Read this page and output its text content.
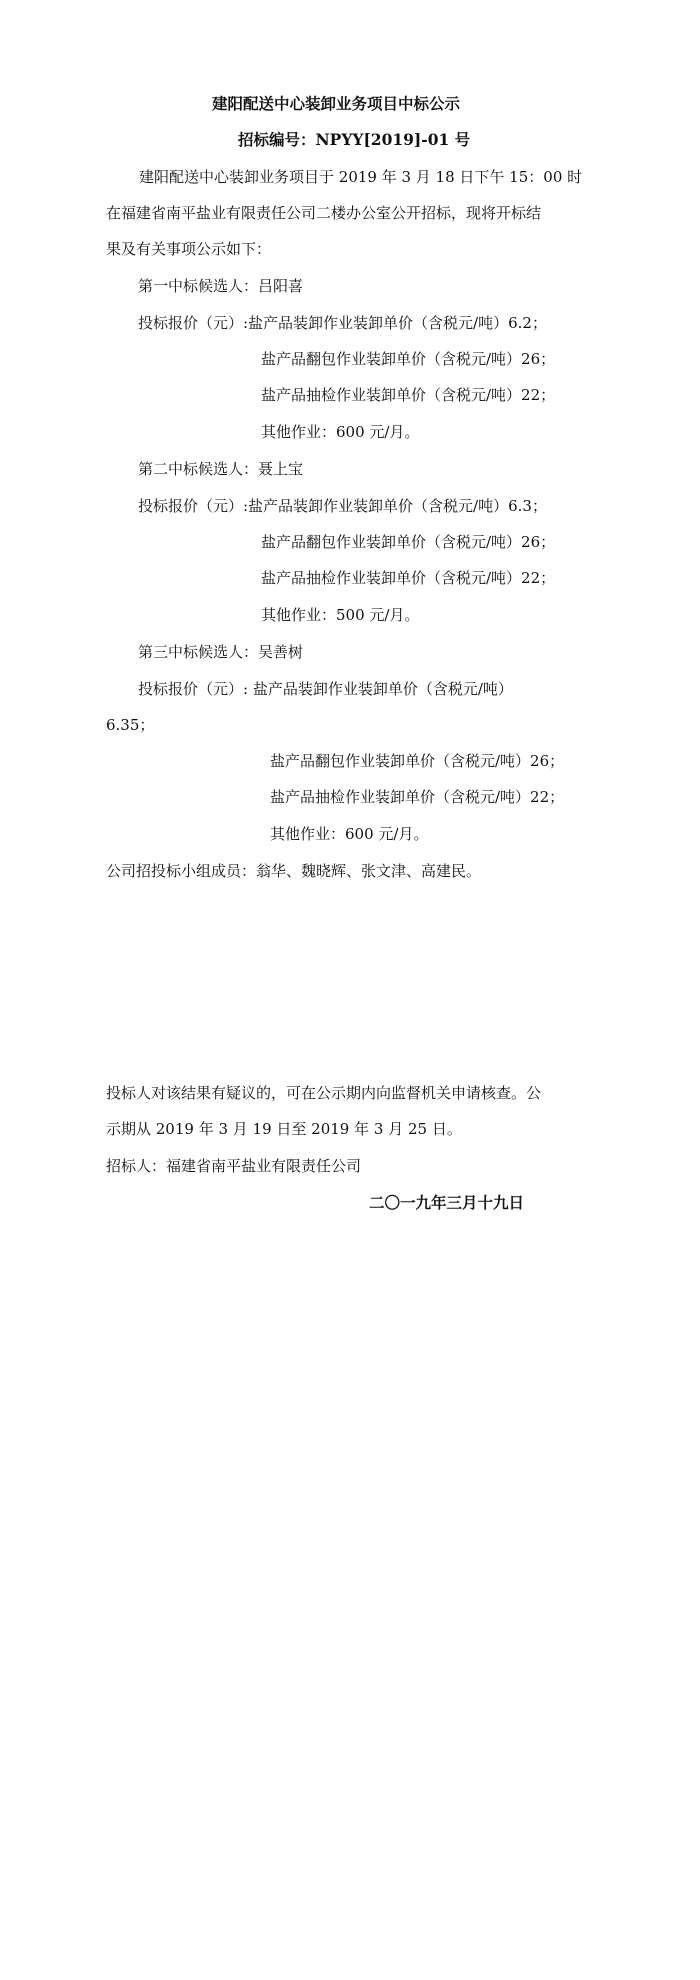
建阳配送中心装卸业务项目中标公示
招标编号：NPYY[2019]-01 号
建阳配送中心装卸业务项目于 2019 年 3 月 18 日下午 15：00 时
在福建省南平盐业有限责任公司二楼办公室公开招标，现将开标结
果及有关事项公示如下：
第一中标候选人：吕阳喜
投标报价（元）:盐产品装卸作业装卸单价（含税元/吨）6.2；
盐产品翻包作业装卸单价（含税元/吨）26；
盐产品抽检作业装卸单价（含税元/吨）22；
其他作业：600 元/月。
第二中标候选人：聂上宝
投标报价（元）:盐产品装卸作业装卸单价（含税元/吨）6.3；
盐产品翻包作业装卸单价（含税元/吨）26；
盐产品抽检作业装卸单价（含税元/吨）22；
其他作业：500 元/月。
第三中标候选人：吴善树
投标报价（元）: 盐产品装卸作业装卸单价（含税元/吨）
6.35；
盐产品翻包作业装卸单价（含税元/吨）26；
盐产品抽检作业装卸单价（含税元/吨）22；
其他作业：600 元/月。
公司招投标小组成员：翁华、魏晓辉、张文津、高建民。
投标人对该结果有疑议的，可在公示期内向监督机关申请核查。公
示期从 2019 年 3 月 19 日至 2019 年 3 月 25 日。
招标人：福建省南平盐业有限责任公司
二〇一九年三月十九日
